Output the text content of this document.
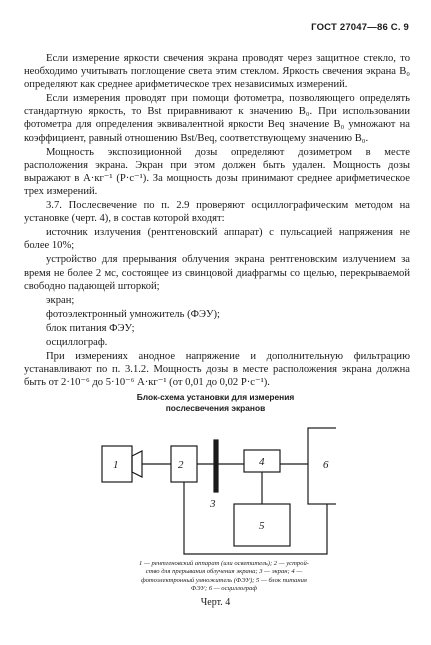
ГОСТ 27047—86 С. 9

Если измерение яркости свечения экрана проводят через защитное стекло, то необходимо учитывать поглощение света этим стеклом. Яркость свечения экрана B₀ определяют как среднее арифметическое трех независимых измерений.

Если измерения проводят при помощи фотометра, позволяющего определять стандартную яркость, то Bst приравнивают к значению B₀. При использовании фотометра для определения эквивалентной яркости Beq значение B₀ умножают на коэффициент, равный отношению Bst/Beq, соответствующему значению B₀.

Мощность экспозиционной дозы определяют дозиметром в месте расположения экрана. Экран при этом должен быть удален. Мощность дозы выражают в А·кг⁻¹ (Р·с⁻¹). За мощность дозы принимают среднее арифметическое трех измерений.

3.7. Послесвечение по п. 2.9 проверяют осциллографическим методом на установке (черт. 4), в состав которой входят:

источник излучения (рентгеновский аппарат) с пульсацией напряжения не более 10%;

устройство для прерывания облучения экрана рентгеновским излучением за время не более 2 мс, состоящее из свинцовой диафрагмы со щелью, перекрываемой свободно падающей шторкой;

экран;

фотоэлектронный умножитель (ФЭУ);

блок питания ФЭУ;

осциллограф.

При измерениях анодное напряжение и дополнительную фильтрацию устанавливают по п. 3.1.2. Мощность дозы в месте расположения экрана должна быть от 2·10⁻⁶ до 5·10⁻⁶ А·кг⁻¹ (от 0,01 до 0,02 Р·с⁻¹).

Блок-схема установки для измерения
послесвечения экранов
1	2
3
4
5
6
1 — рентгеновский аппарат (или осветитель); 2 — устрой-
ство для прерывания облучения экрана; 3 — экран; 4 —
фотоэлектронный умножитель (ФЭУ); 5 — блок питания
ФЭУ; 6 — осциллограф
Черт. 4
